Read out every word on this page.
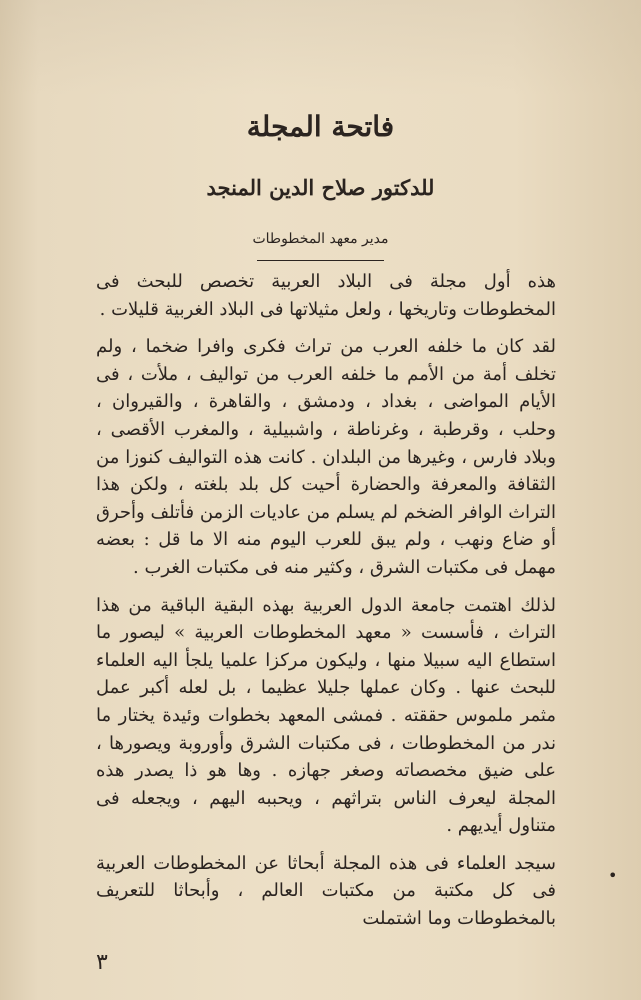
فاتحة المجلة
للدكتور صلاح الدين المنجد
مدير معهد المخطوطات

هذه أول مجلة فى البلاد العربية تخصص للبحث فى المخطوطات وتاريخها ، ولعل مثيلاتها فى البلاد الغربية قليلات .

لقد كان ما خلفه العرب من تراث فكرى وافرا ضخما ، ولم تخلف أمة من الأمم ما خلفه العرب من تواليف ، ملأت ، فى الأيام المواضى ، بغداد ، ودمشق ، والقاهرة ، والقيروان ، وحلب ، وقرطبة ، وغرناطة ، واشبيلية ، والمغرب الأقصى ، وبلاد فارس ، وغيرها من البلدان . كانت هذه التواليف كنوزا من الثقافة والمعرفة والحضارة أحيت كل بلد بلغته ، ولكن هذا التراث الوافر الضخم لم يسلم من عاديات الزمن فأتلف وأحرق أو ضاع ونهب ، ولم يبق للعرب اليوم منه الا ما قل : بعضه مهمل فى مكتبات الشرق ، وكثير منه فى مكتبات الغرب .

لذلك اهتمت جامعة الدول العربية بهذه البقية الباقية من هذا التراث ، فأسست « معهد المخطوطات العربية » ليصور ما استطاع اليه سبيلا منها ، وليكون مركزا علميا يلجأ اليه العلماء للبحث عنها . وكان عملها جليلا عظيما ، بل لعله أكبر عمل مثمر ملموس حققته . فمشى المعهد بخطوات وئيدة يختار ما ندر من المخطوطات ، فى مكتبات الشرق وأوروبة ويصورها ، على ضيق مخصصاته وصغر جهازه . وها هو ذا يصدر هذه المجلة ليعرف الناس بتراثهم ، ويحببه اليهم ، ويجعله فى متناول أيديهم .

سيجد العلماء فى هذه المجلة أبحاثا عن المخطوطات العربية فى كل مكتبة من مكتبات العالم ، وأبحاثا للتعريف بالمخطوطات وما اشتملت

•
٣
